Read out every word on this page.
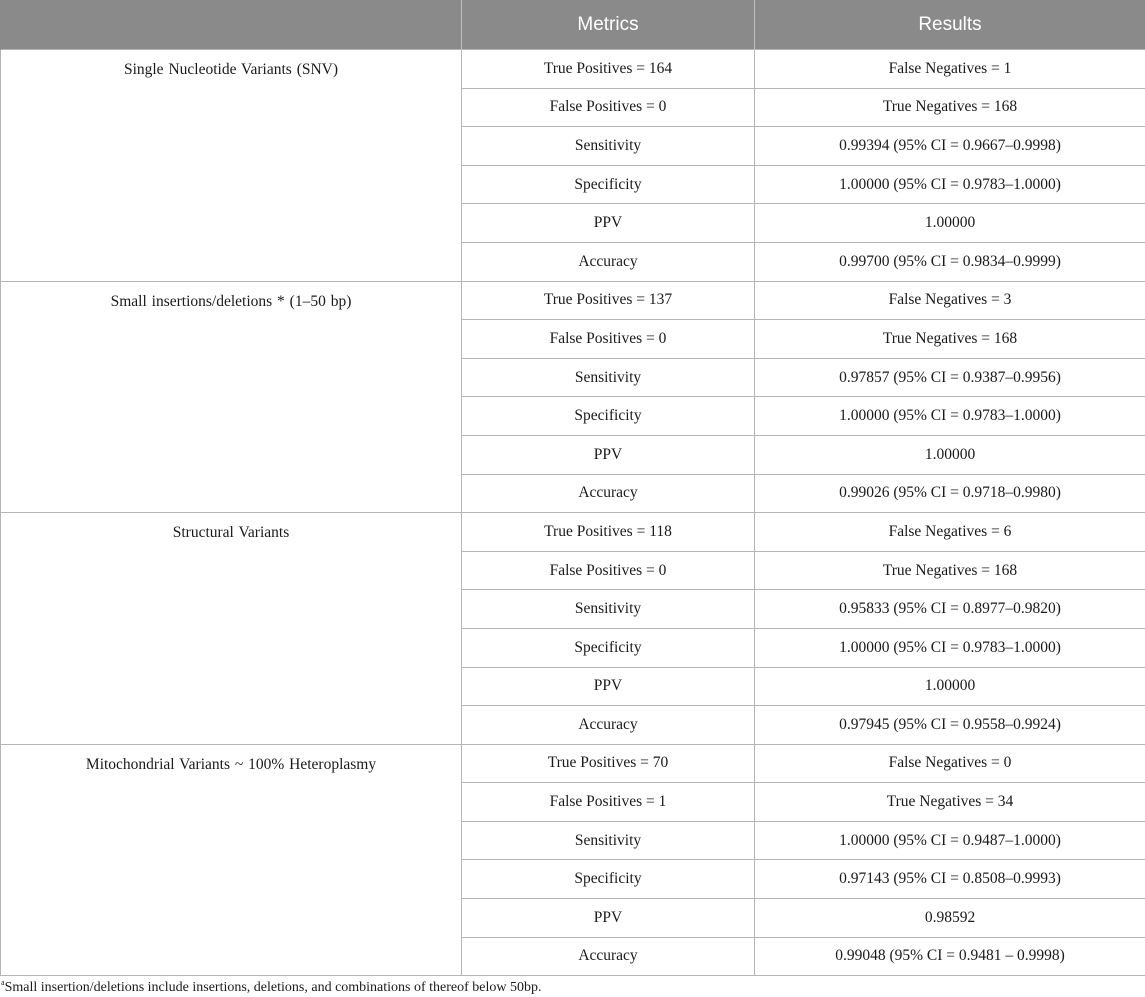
	Metrics	Results
Single Nucleotide Variants (SNV)	True Positives = 164	False Negatives = 1
	False Positives = 0	True Negatives = 168
	Sensitivity	0.99394 (95% CI = 0.9667–0.9998)
	Specificity	1.00000 (95% CI = 0.9783–1.0000)
	PPV	1.00000
	Accuracy	0.99700 (95% CI = 0.9834–0.9999)
Small insertions/deletions * (1–50 bp)	True Positives = 137	False Negatives = 3
	False Positives = 0	True Negatives = 168
	Sensitivity	0.97857 (95% CI = 0.9387–0.9956)
	Specificity	1.00000 (95% CI = 0.9783–1.0000)
	PPV	1.00000
	Accuracy	0.99026 (95% CI = 0.9718–0.9980)
Structural Variants	True Positives = 118	False Negatives = 6
	False Positives = 0	True Negatives = 168
	Sensitivity	0.95833 (95% CI = 0.8977–0.9820)
	Specificity	1.00000 (95% CI = 0.9783–1.0000)
	PPV	1.00000
	Accuracy	0.97945 (95% CI = 0.9558–0.9924)
Mitochondrial Variants ~ 100% Heteroplasmy	True Positives = 70	False Negatives = 0
	False Positives = 1	True Negatives = 34
	Sensitivity	1.00000 (95% CI = 0.9487–1.0000)
	Specificity	0.97143 (95% CI = 0.8508–0.9993)
	PPV	0.98592
	Accuracy	0.99048 (95% CI = 0.9481 – 0.9998)
$^a$Small insertion/deletions include insertions, deletions, and combinations of thereof below 50bp.
